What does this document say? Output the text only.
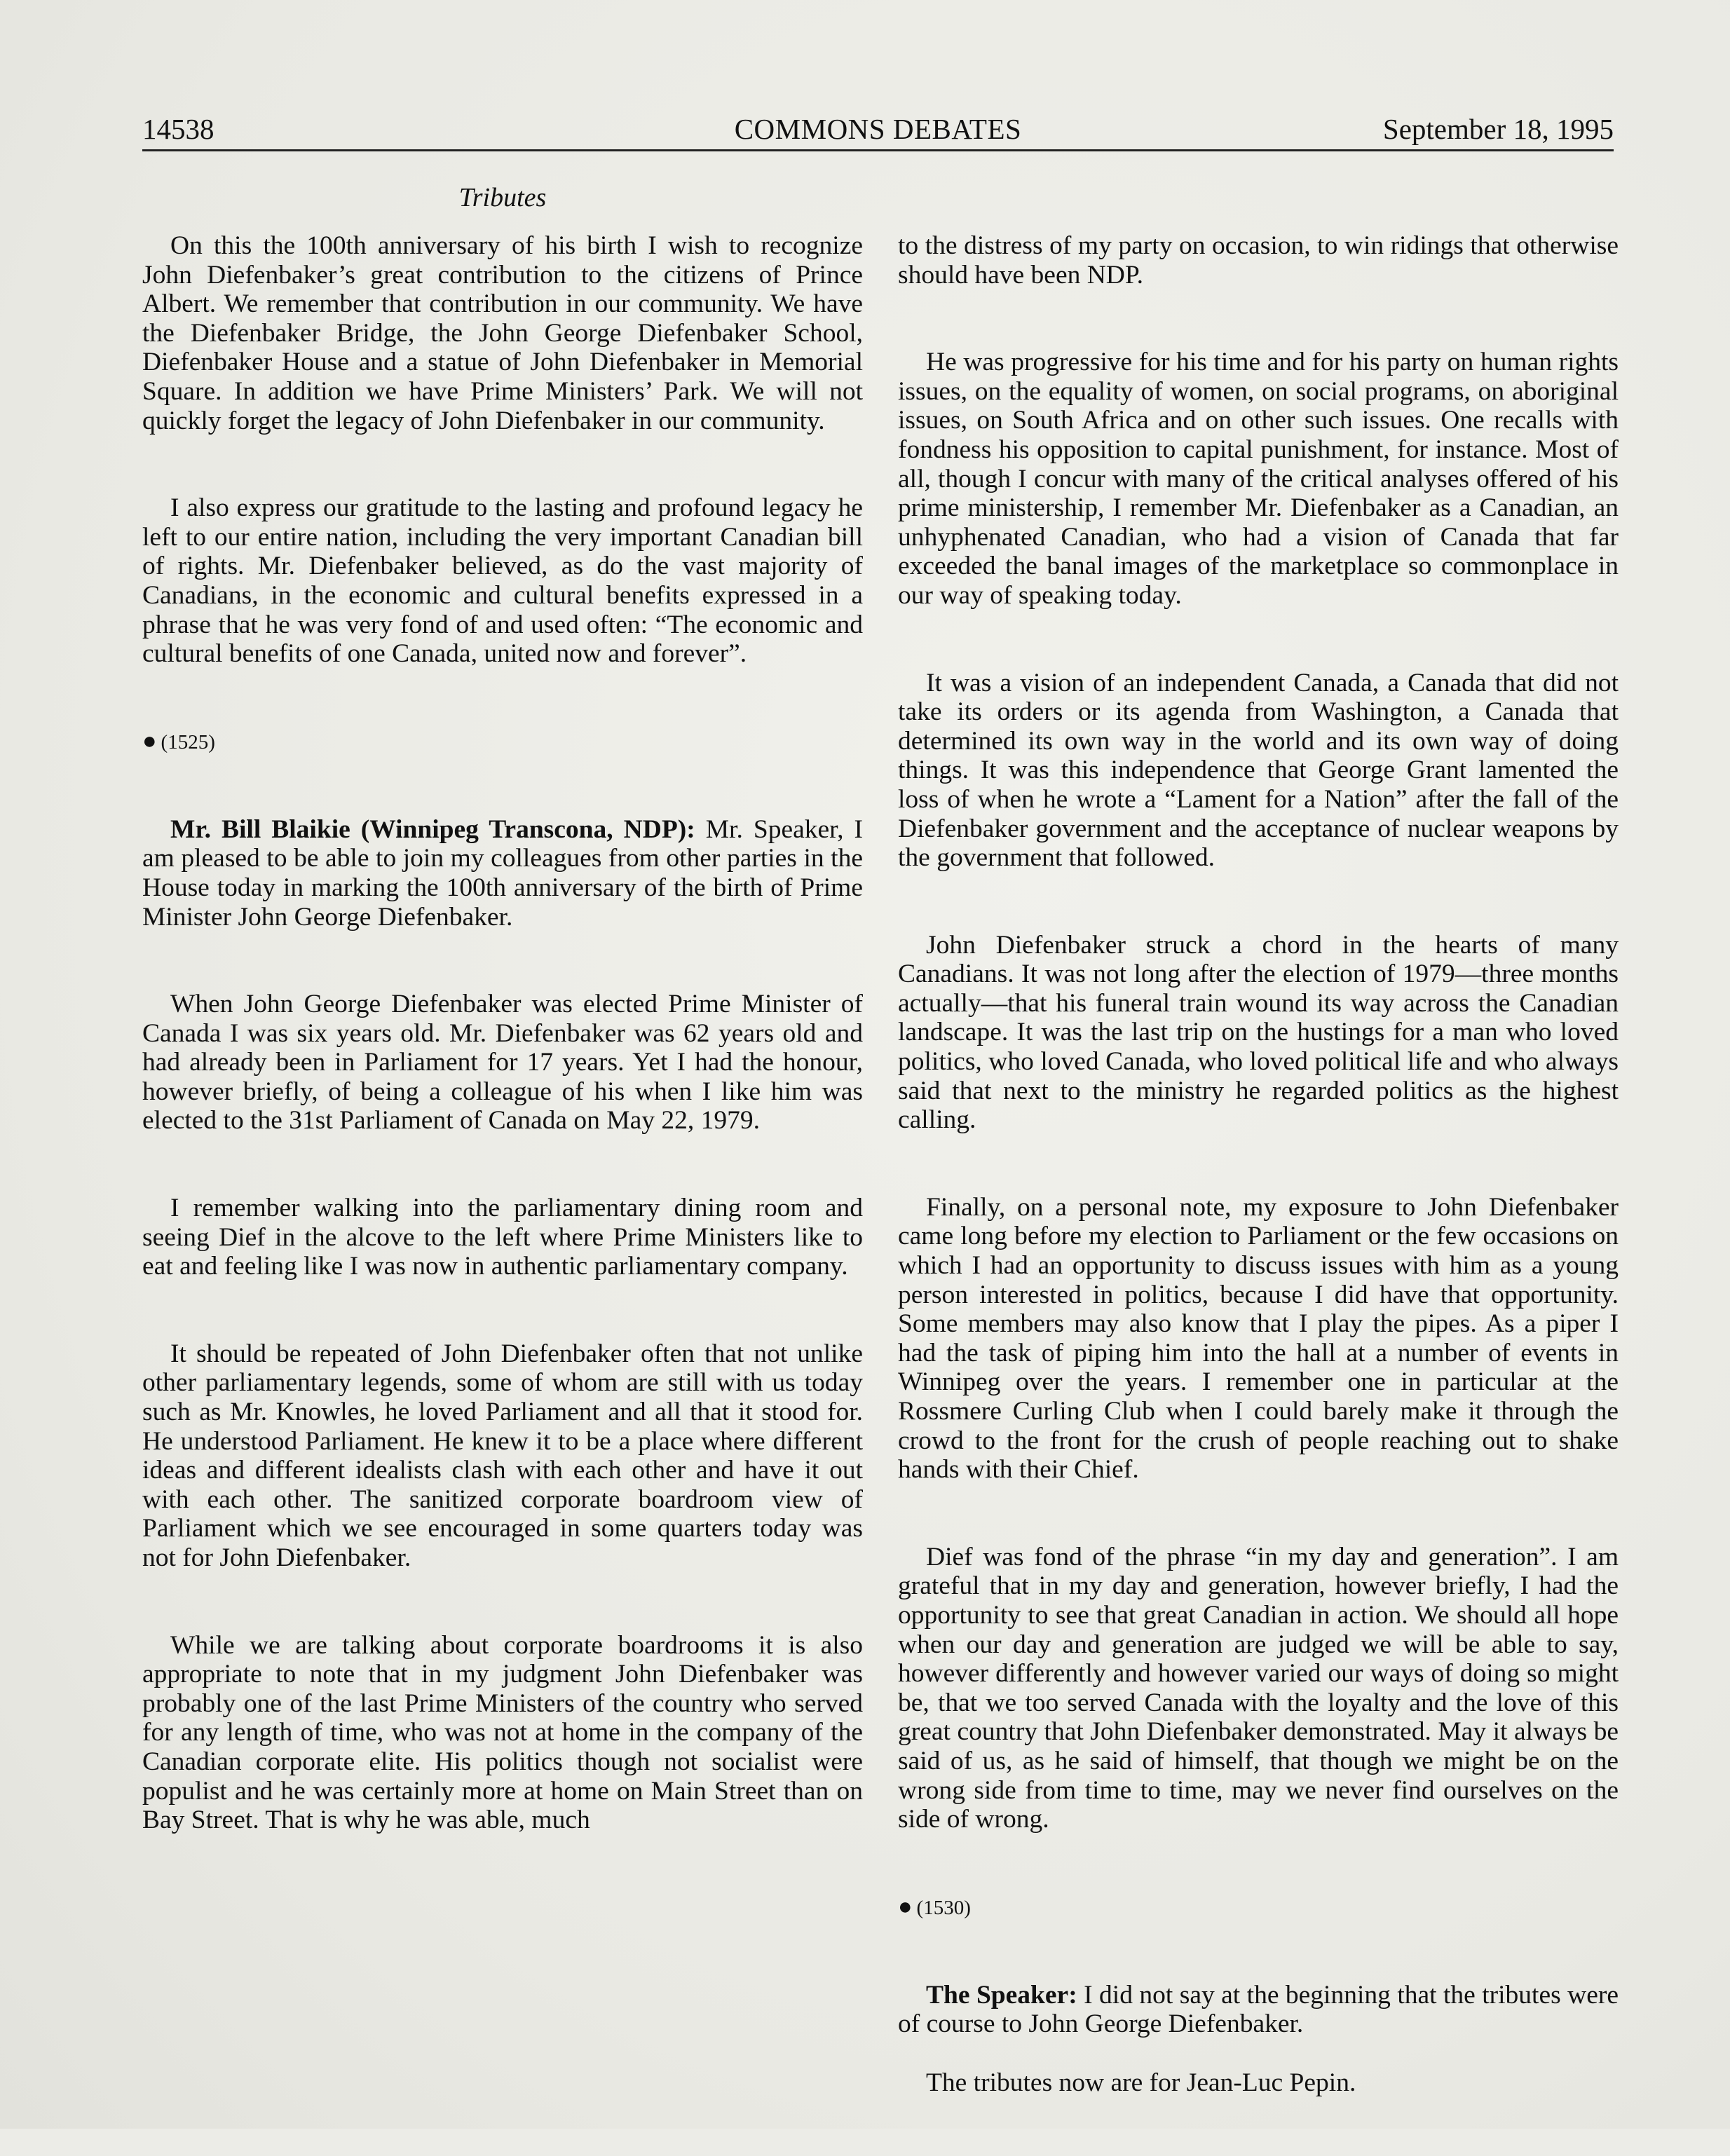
14538	COMMONS DEBATES	September 18, 1995
Tributes

On this the 100th anniversary of his birth I wish to recognize John Diefenbaker’s great contribution to the citizens of Prince Albert. We remember that contribution in our community. We have the Diefenbaker Bridge, the John George Diefenbaker School, Diefenbaker House and a statue of John Diefenbaker in Memorial Square. In addition we have Prime Ministers’ Park. We will not quickly forget the legacy of John Diefenbaker in our community.

I also express our gratitude to the lasting and profound legacy he left to our entire nation, including the very important Canadian bill of rights. Mr. Diefenbaker believed, as do the vast majority of Canadians, in the economic and cultural benefits expressed in a phrase that he was very fond of and used often: “The economic and cultural benefits of one Canada, united now and forever”.

● (1525)

Mr. Bill Blaikie (Winnipeg Transcona, NDP): Mr. Speaker, I am pleased to be able to join my colleagues from other parties in the House today in marking the 100th anniversary of the birth of Prime Minister John George Diefenbaker.

When John George Diefenbaker was elected Prime Minister of Canada I was six years old. Mr. Diefenbaker was 62 years old and had already been in Parliament for 17 years. Yet I had the honour, however briefly, of being a colleague of his when I like him was elected to the 31st Parliament of Canada on May 22, 1979.

I remember walking into the parliamentary dining room and seeing Dief in the alcove to the left where Prime Ministers like to eat and feeling like I was now in authentic parliamentary company.

It should be repeated of John Diefenbaker often that not unlike other parliamentary legends, some of whom are still with us today such as Mr. Knowles, he loved Parliament and all that it stood for. He understood Parliament. He knew it to be a place where different ideas and different idealists clash with each other and have it out with each other. The sanitized corporate boardroom view of Parliament which we see encouraged in some quarters today was not for John Diefenbaker.

While we are talking about corporate boardrooms it is also appropriate to note that in my judgment John Diefenbaker was probably one of the last Prime Ministers of the country who served for any length of time, who was not at home in the company of the Canadian corporate elite. His politics though not socialist were populist and he was certainly more at home on Main Street than on Bay Street. That is why he was able, much

to the distress of my party on occasion, to win ridings that otherwise should have been NDP.

He was progressive for his time and for his party on human rights issues, on the equality of women, on social programs, on aboriginal issues, on South Africa and on other such issues. One recalls with fondness his opposition to capital punishment, for instance. Most of all, though I concur with many of the critical analyses offered of his prime ministership, I remember Mr. Diefenbaker as a Canadian, an unhyphenated Canadian, who had a vision of Canada that far exceeded the banal images of the marketplace so commonplace in our way of speaking today.

It was a vision of an independent Canada, a Canada that did not take its orders or its agenda from Washington, a Canada that determined its own way in the world and its own way of doing things. It was this independence that George Grant lamented the loss of when he wrote a “Lament for a Nation” after the fall of the Diefenbaker government and the acceptance of nuclear weapons by the government that followed.

John Diefenbaker struck a chord in the hearts of many Canadians. It was not long after the election of 1979—three months actually—that his funeral train wound its way across the Canadian landscape. It was the last trip on the hustings for a man who loved politics, who loved Canada, who loved political life and who always said that next to the ministry he regarded politics as the highest calling.

Finally, on a personal note, my exposure to John Diefenbaker came long before my election to Parliament or the few occasions on which I had an opportunity to discuss issues with him as a young person interested in politics, because I did have that opportunity. Some members may also know that I play the pipes. As a piper I had the task of piping him into the hall at a number of events in Winnipeg over the years. I remember one in particular at the Rossmere Curling Club when I could barely make it through the crowd to the front for the crush of people reaching out to shake hands with their Chief.

Dief was fond of the phrase “in my day and generation”. I am grateful that in my day and generation, however briefly, I had the opportunity to see that great Canadian in action. We should all hope when our day and generation are judged we will be able to say, however differently and however varied our ways of doing so might be, that we too served Canada with the loyalty and the love of this great country that John Diefenbaker demonstrated. May it always be said of us, as he said of himself, that though we might be on the wrong side from time to time, may we never find ourselves on the side of wrong.

● (1530)

The Speaker: I did not say at the beginning that the tributes were of course to John George Diefenbaker.

The tributes now are for Jean-Luc Pepin.
